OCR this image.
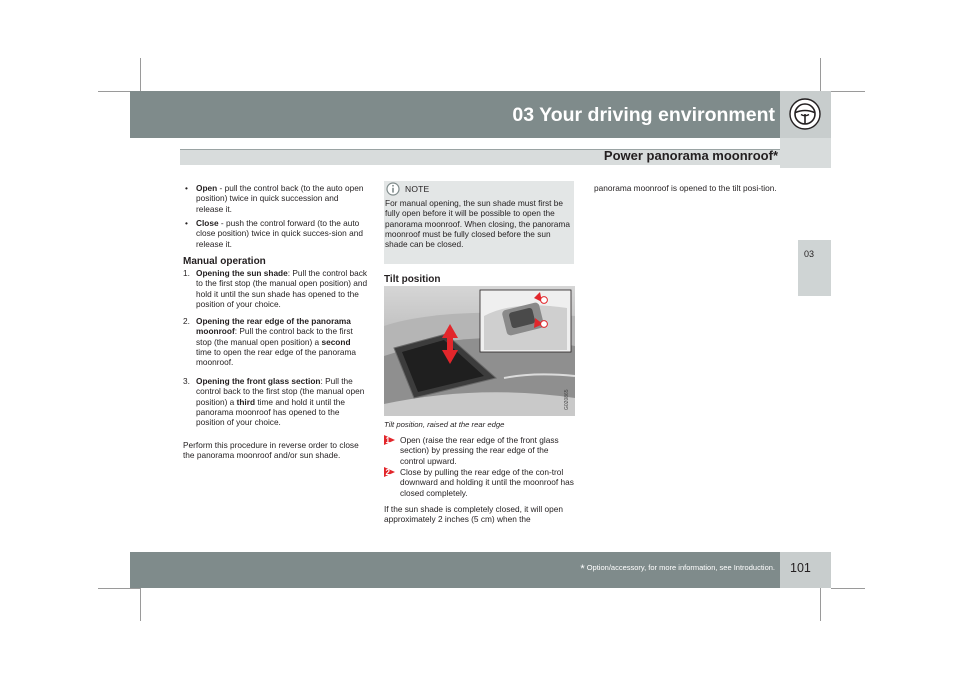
03 Your driving environment
Power panorama moonroof*
03
• Open - pull the control back (to the auto open position) twice in quick succession and release it.
• Close - push the control forward (to the auto close position) twice in quick succes-sion and release it.
Manual operation
1. Opening the sun shade: Pull the control back to the first stop (the manual open position) and hold it until the sun shade has opened to the position of your choice.
2. Opening the rear edge of the panorama moonroof: Pull the control back to the first stop (the manual open position) a second time to open the rear edge of the panorama moonroof.
3. Opening the front glass section: Pull the control back to the first stop (the manual open position) a third time and hold it until the panorama moonroof has opened to the position of your choice.
Perform this procedure in reverse order to close the panorama moonroof and/or sun shade.
NOTE
For manual opening, the sun shade must first be fully open before it will be possible to open the panorama moonroof. When closing, the panorama moonroof must be fully closed before the sun shade can be closed.
Tilt position
G020865
Tilt position, raised at the rear edge
1 Open (raise the rear edge of the front glass section) by pressing the rear edge of the control upward.
2 Close by pulling the rear edge of the con-trol downward and holding it until the moonroof has closed completely.
If the sun shade is completely closed, it will open approximately 2 inches (5 cm) when the
panorama moonroof is opened to the tilt posi-tion.
* Option/accessory, for more information, see Introduction. 101
